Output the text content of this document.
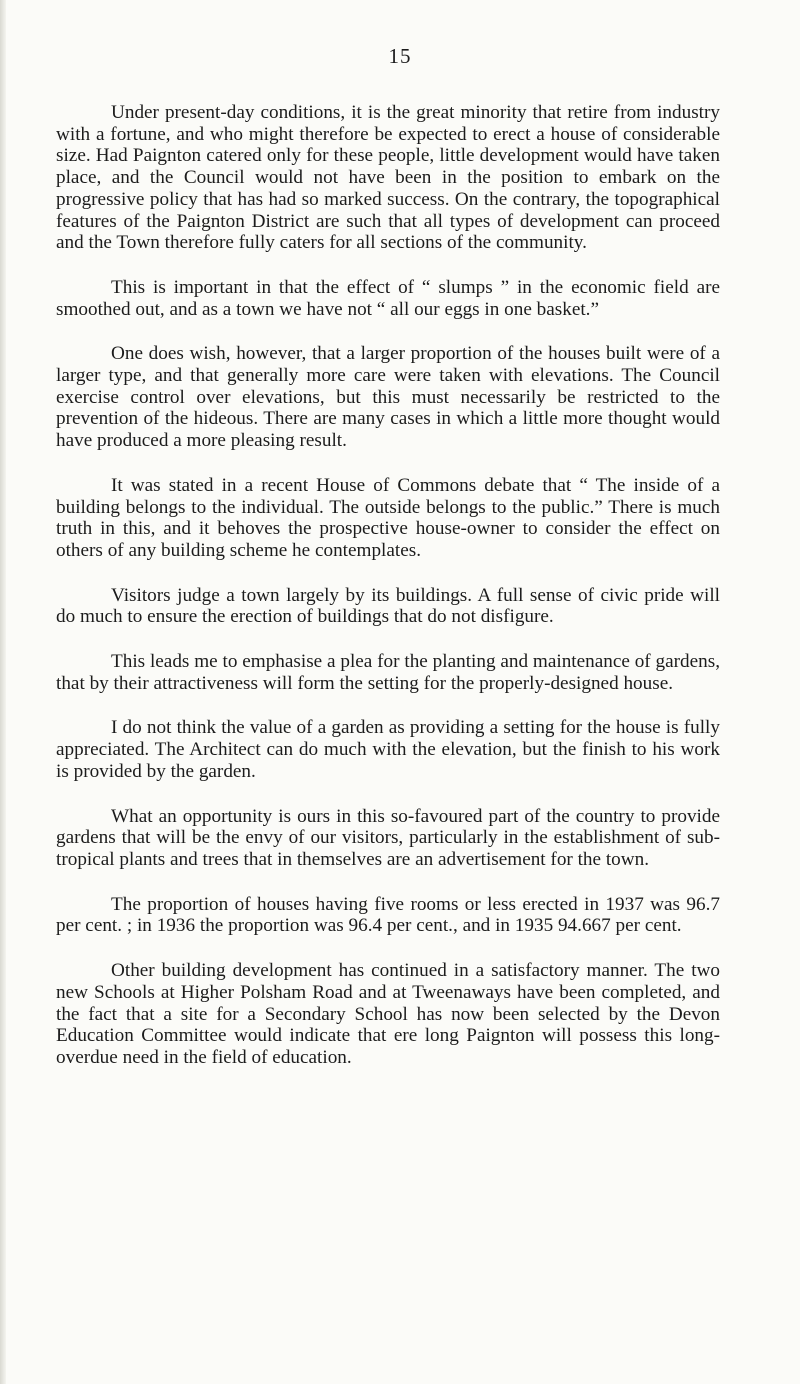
15

Under present-day conditions, it is the great minority that retire from industry with a fortune, and who might therefore be expected to erect a house of considerable size. Had Paignton catered only for these people, little development would have taken place, and the Council would not have been in the position to embark on the progressive policy that has had so marked success. On the contrary, the topographical features of the Paignton District are such that all types of development can proceed and the Town therefore fully caters for all sections of the community.

This is important in that the effect of “ slumps ” in the economic field are smoothed out, and as a town we have not “ all our eggs in one basket.”

One does wish, however, that a larger proportion of the houses built were of a larger type, and that generally more care were taken with elevations. The Council exercise control over elevations, but this must necessarily be restricted to the prevention of the hideous. There are many cases in which a little more thought would have produced a more pleasing result.

It was stated in a recent House of Commons debate that “ The inside of a building belongs to the individual. The outside belongs to the public.” There is much truth in this, and it behoves the prospective house-owner to consider the effect on others of any building scheme he contemplates.

Visitors judge a town largely by its buildings. A full sense of civic pride will do much to ensure the erection of buildings that do not disfigure.

This leads me to emphasise a plea for the planting and maintenance of gardens, that by their attractiveness will form the setting for the properly-designed house.

I do not think the value of a garden as providing a setting for the house is fully appreciated. The Architect can do much with the elevation, but the finish to his work is provided by the garden.

What an opportunity is ours in this so-favoured part of the country to provide gardens that will be the envy of our visitors, particularly in the establishment of sub-tropical plants and trees that in themselves are an advertisement for the town.

The proportion of houses having five rooms or less erected in 1937 was 96.7 per cent. ; in 1936 the proportion was 96.4 per cent., and in 1935 94.667 per cent.

Other building development has continued in a satisfactory manner. The two new Schools at Higher Polsham Road and at Tweenaways have been completed, and the fact that a site for a Secondary School has now been selected by the Devon Education Committee would indicate that ere long Paignton will possess this long-overdue need in the field of education.
